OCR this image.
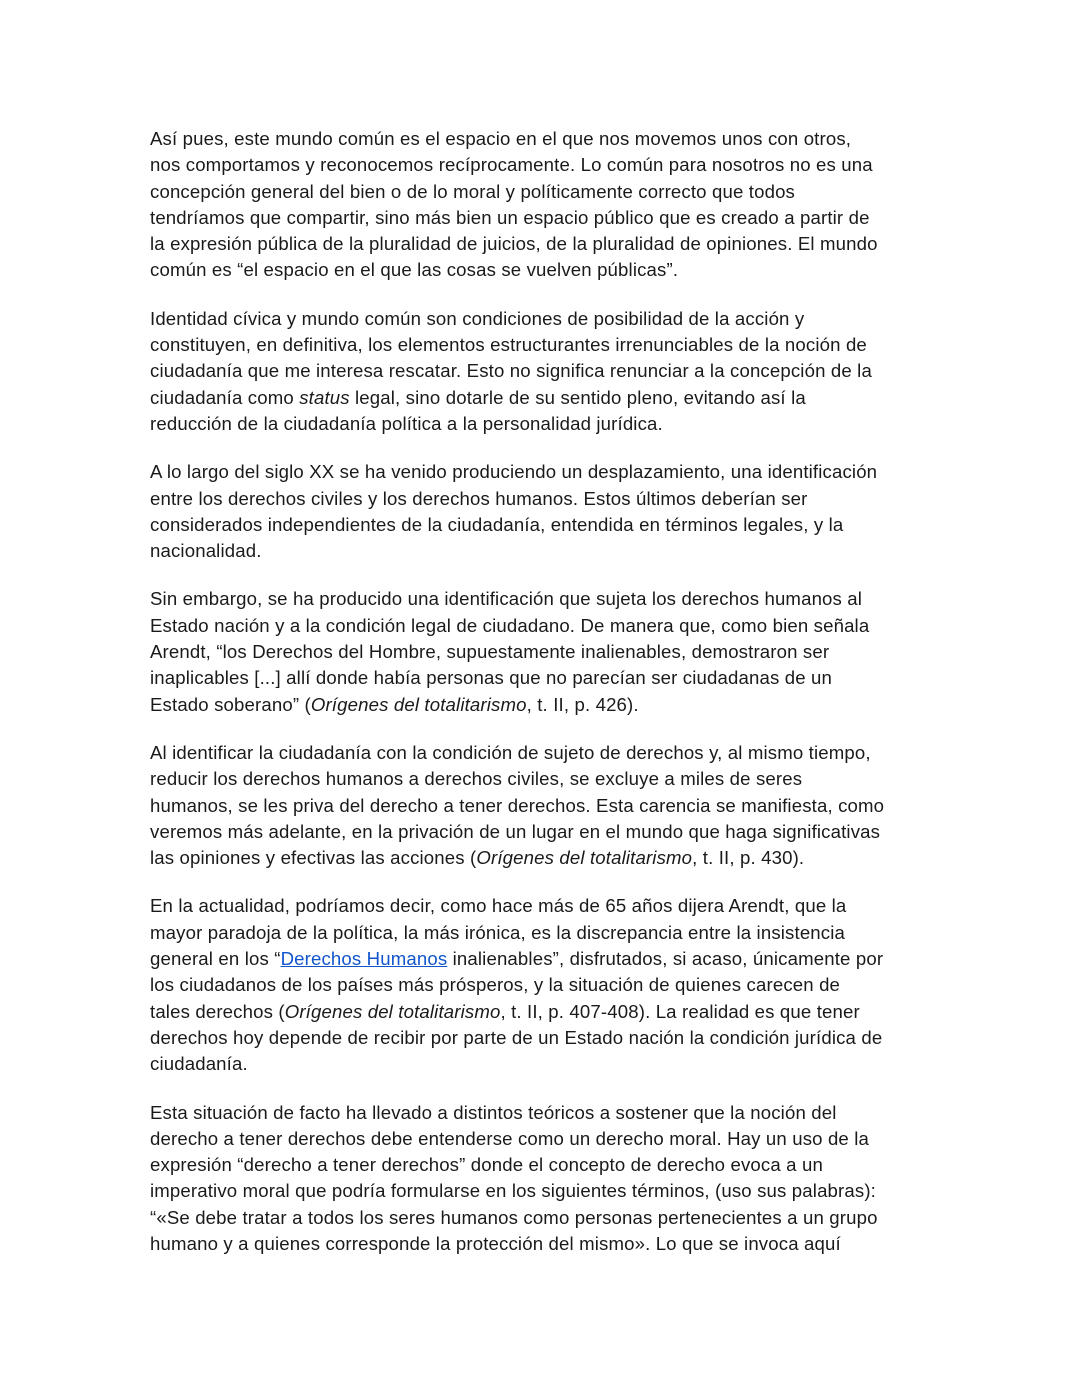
Así pues, este mundo común es el espacio en el que nos movemos unos con otros,
nos comportamos y reconocemos recíprocamente. Lo común para nosotros no es una
concepción general del bien o de lo moral y políticamente correcto que todos
tendríamos que compartir, sino más bien un espacio público que es creado a partir de
la expresión pública de la pluralidad de juicios, de la pluralidad de opiniones. El mundo
común es “el espacio en el que las cosas se vuelven públicas”.

Identidad cívica y mundo común son condiciones de posibilidad de la acción y
constituyen, en definitiva, los elementos estructurantes irrenunciables de la noción de
ciudadanía que me interesa rescatar. Esto no significa renunciar a la concepción de la
ciudadanía como status legal, sino dotarle de su sentido pleno, evitando así la
reducción de la ciudadanía política a la personalidad jurídica.

A lo largo del siglo XX se ha venido produciendo un desplazamiento, una identificación
entre los derechos civiles y los derechos humanos. Estos últimos deberían ser
considerados independientes de la ciudadanía, entendida en términos legales, y la
nacionalidad.

Sin embargo, se ha producido una identificación que sujeta los derechos humanos al
Estado nación y a la condición legal de ciudadano. De manera que, como bien señala
Arendt, “los Derechos del Hombre, supuestamente inalienables, demostraron ser
inaplicables [...] allí donde había personas que no parecían ser ciudadanas de un
Estado soberano” (Orígenes del totalitarismo, t. II, p. 426).

Al identificar la ciudadanía con la condición de sujeto de derechos y, al mismo tiempo,
reducir los derechos humanos a derechos civiles, se excluye a miles de seres
humanos, se les priva del derecho a tener derechos. Esta carencia se manifiesta, como
veremos más adelante, en la privación de un lugar en el mundo que haga significativas
las opiniones y efectivas las acciones (Orígenes del totalitarismo, t. II, p. 430).

En la actualidad, podríamos decir, como hace más de 65 años dijera Arendt, que la
mayor paradoja de la política, la más irónica, es la discrepancia entre la insistencia
general en los “Derechos Humanos inalienables”, disfrutados, si acaso, únicamente por
los ciudadanos de los países más prósperos, y la situación de quienes carecen de
tales derechos (Orígenes del totalitarismo, t. II, p. 407-408). La realidad es que tener
derechos hoy depende de recibir por parte de un Estado nación la condición jurídica de
ciudadanía.

Esta situación de facto ha llevado a distintos teóricos a sostener que la noción del
derecho a tener derechos debe entenderse como un derecho moral. Hay un uso de la
expresión “derecho a tener derechos” donde el concepto de derecho evoca a un
imperativo moral que podría formularse en los siguientes términos, (uso sus palabras):
“«Se debe tratar a todos los seres humanos como personas pertenecientes a un grupo
humano y a quienes corresponde la protección del mismo». Lo que se invoca aquí
